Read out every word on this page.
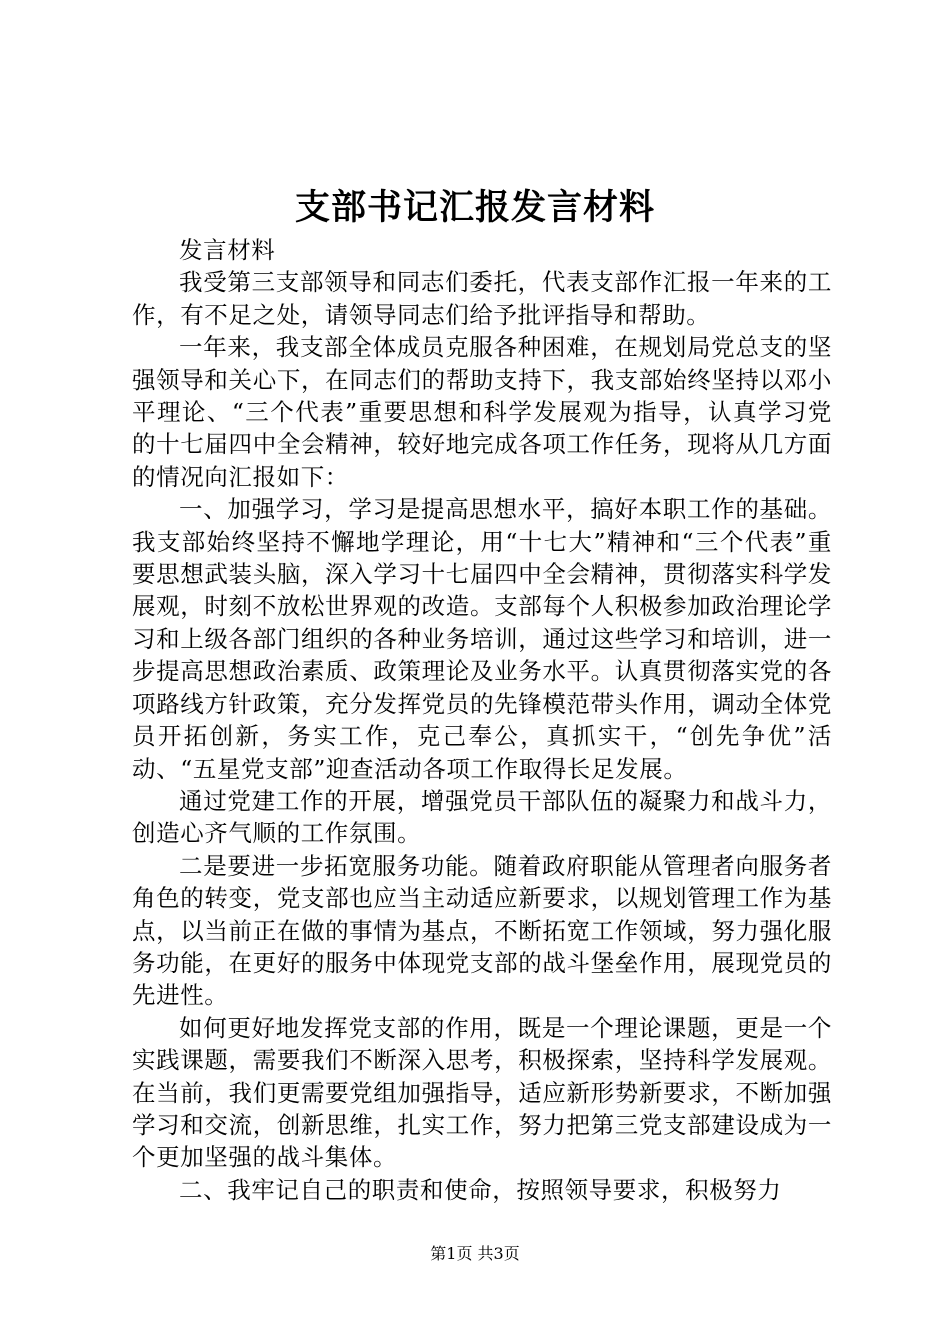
支部书记汇报发言材料

发言材料

我受第三支部领导和同志们委托，代表支部作汇报一年来的工作，有不足之处，请领导同志们给予批评指导和帮助。

一年来，我支部全体成员克服各种困难，在规划局党总支的坚强领导和关心下，在同志们的帮助支持下，我支部始终坚持以邓小平理论、“三个代表”重要思想和科学发展观为指导，认真学习党的十七届四中全会精神，较好地完成各项工作任务，现将从几方面的情况向汇报如下：

一、加强学习，学习是提高思想水平，搞好本职工作的基础。我支部始终坚持不懈地学理论，用“十七大”精神和“三个代表”重要思想武装头脑，深入学习十七届四中全会精神，贯彻落实科学发展观，时刻不放松世界观的改造。支部每个人积极参加政治理论学习和上级各部门组织的各种业务培训，通过这些学习和培训，进一步提高思想政治素质、政策理论及业务水平。认真贯彻落实党的各项路线方针政策，充分发挥党员的先锋模范带头作用，调动全体党员开拓创新，务实工作，克己奉公，真抓实干，“创先争优”活动、“五星党支部”迎查活动各项工作取得长足发展。

通过党建工作的开展，增强党员干部队伍的凝聚力和战斗力，创造心齐气顺的工作氛围。

二是要进一步拓宽服务功能。随着政府职能从管理者向服务者角色的转变，党支部也应当主动适应新要求，以规划管理工作为基点，以当前正在做的事情为基点，不断拓宽工作领域，努力强化服务功能，在更好的服务中体现党支部的战斗堡垒作用，展现党员的先进性。

如何更好地发挥党支部的作用，既是一个理论课题，更是一个实践课题，需要我们不断深入思考，积极探索，坚持科学发展观。在当前，我们更需要党组加强指导，适应新形势新要求，不断加强学习和交流，创新思维，扎实工作，努力把第三党支部建设成为一个更加坚强的战斗集体。

二、我牢记自己的职责和使命，按照领导要求，积极努力

第1页 共3页
